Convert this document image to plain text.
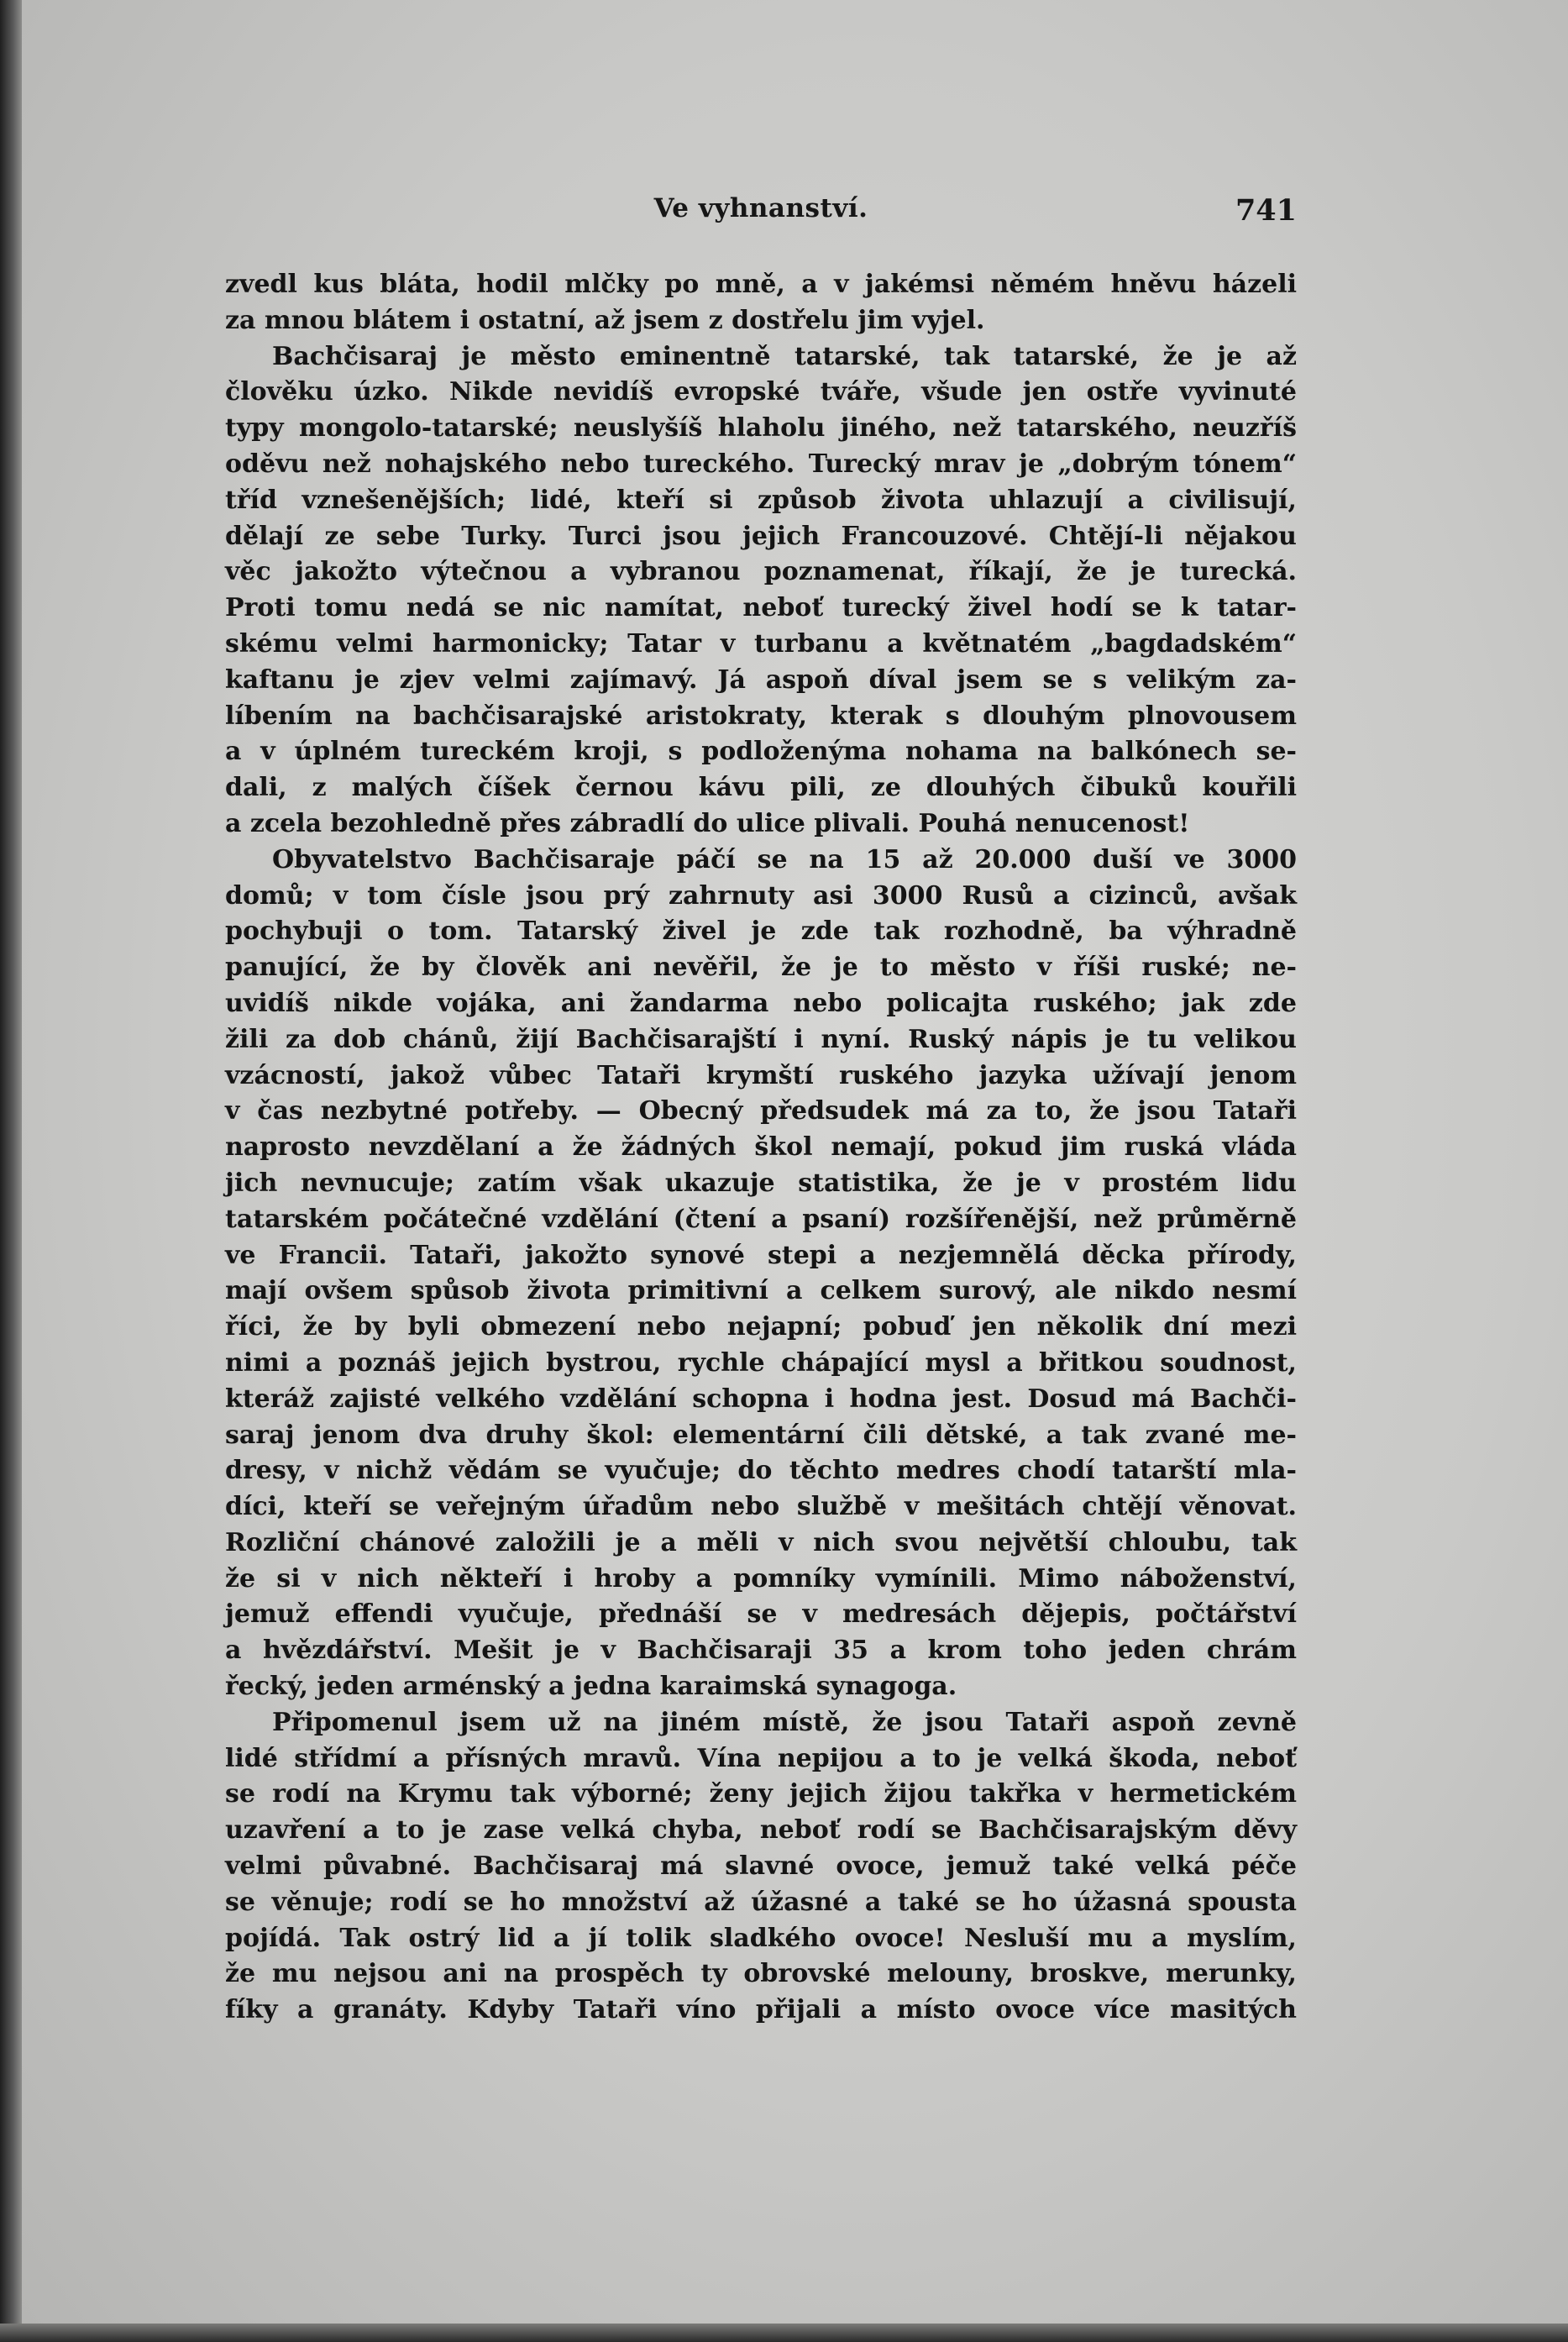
Ve vyhnanství.	741
zvedl kus bláta, hodil mlčky po mně, a v jakémsi němém hněvu házeli
za mnou blátem i ostatní, až jsem z dostřelu jim vyjel.
Bachčisaraj je město eminentně tatarské, tak tatarské, že je až
člověku úzko. Nikde nevidíš evropské tváře, všude jen ostře vyvinuté
typy mongolo-tatarské; neuslyšíš hlaholu jiného, než tatarského, neuzříš
oděvu než nohajského nebo tureckého. Turecký mrav je „dobrým tónem“
tříd vznešenějších; lidé, kteří si způsob života uhlazují a civilisují,
dělají ze sebe Turky. Turci jsou jejich Francouzové. Chtějí-li nějakou
věc jakožto výtečnou a vybranou poznamenat, říkají, že je turecká.
Proti tomu nedá se nic namítat, neboť turecký živel hodí se k tatar-
skému velmi harmonicky; Tatar v turbanu a květnatém „bagdadském“
kaftanu je zjev velmi zajímavý. Já aspoň díval jsem se s velikým za-
líbením na bachčisarajské aristokraty, kterak s dlouhým plnovousem
a v úplném tureckém kroji, s podloženýma nohama na balkónech se-
dali, z malých číšek černou kávu pili, ze dlouhých čibuků kouřili
a zcela bezohledně přes zábradlí do ulice plivali. Pouhá nenucenost!
Obyvatelstvo Bachčisaraje páčí se na 15 až 20.000 duší ve 3000
domů; v tom čísle jsou prý zahrnuty asi 3000 Rusů a cizinců, avšak
pochybuji o tom. Tatarský živel je zde tak rozhodně, ba výhradně
panující, že by člověk ani nevěřil, že je to město v říši ruské; ne-
uvidíš nikde vojáka, ani žandarma nebo policajta ruského; jak zde
žili za dob chánů, žijí Bachčisarajští i nyní. Ruský nápis je tu velikou
vzácností, jakož vůbec Tataři krymští ruského jazyka užívají jenom
v čas nezbytné potřeby. — Obecný předsudek má za to, že jsou Tataři
naprosto nevzdělaní a že žádných škol nemají, pokud jim ruská vláda
jich nevnucuje; zatím však ukazuje statistika, že je v prostém lidu
tatarském počátečné vzdělání (čtení a psaní) rozšířenější, než průměrně
ve Francii. Tataři, jakožto synové stepi a nezjemnělá děcka přírody,
mají ovšem spůsob života primitivní a celkem surový, ale nikdo nesmí
říci, že by byli obmezení nebo nejapní; pobuď jen několik dní mezi
nimi a poznáš jejich bystrou, rychle chápající mysl a břitkou soudnost,
kteráž zajisté velkého vzdělání schopna i hodna jest. Dosud má Bachči-
saraj jenom dva druhy škol: elementární čili dětské, a tak zvané me-
dresy, v nichž vědám se vyučuje; do těchto medres chodí tatarští mla-
díci, kteří se veřejným úřadům nebo službě v mešitách chtějí věnovat.
Rozliční chánové založili je a měli v nich svou největší chloubu, tak
že si v nich někteří i hroby a pomníky vymínili. Mimo náboženství,
jemuž effendi vyučuje, přednáší se v medresách dějepis, počtářství
a hvězdářství. Mešit je v Bachčisaraji 35 a krom toho jeden chrám
řecký, jeden arménský a jedna karaimská synagoga.
Připomenul jsem už na jiném místě, že jsou Tataři aspoň zevně
lidé střídmí a přísných mravů. Vína nepijou a to je velká škoda, neboť
se rodí na Krymu tak výborné; ženy jejich žijou takřka v hermetickém
uzavření a to je zase velká chyba, neboť rodí se Bachčisarajským děvy
velmi půvabné. Bachčisaraj má slavné ovoce, jemuž také velká péče
se věnuje; rodí se ho množství až úžasné a také se ho úžasná spousta
pojídá. Tak ostrý lid a jí tolik sladkého ovoce! Nesluší mu a myslím,
že mu nejsou ani na prospěch ty obrovské melouny, broskve, merunky,
fíky a granáty. Kdyby Tataři víno přijali a místo ovoce více masitých
